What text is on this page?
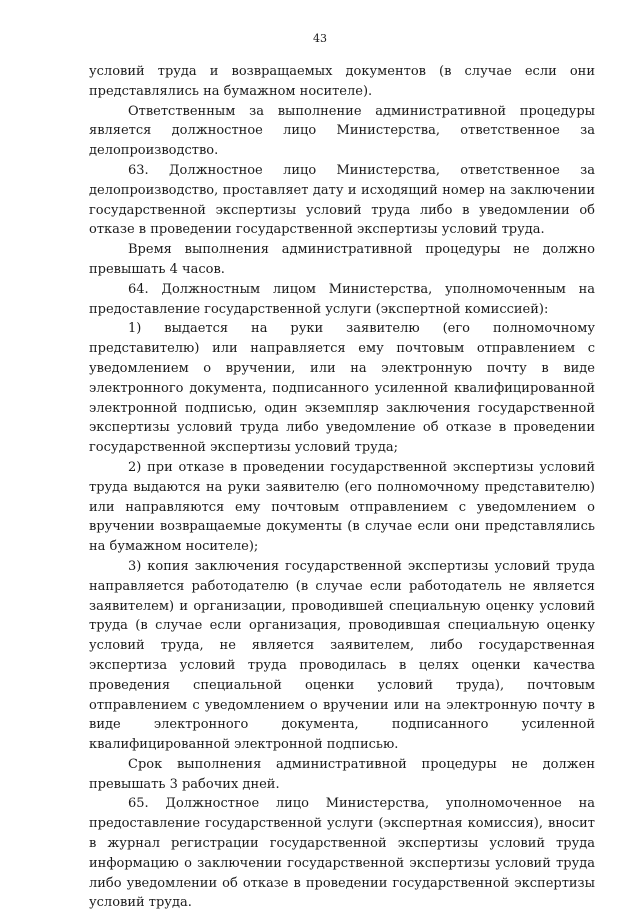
43

условий труда и возвращаемых документов (в случае если они представлялись на бумажном носителе).

Ответственным за выполнение административной процедуры является должностное лицо Министерства, ответственное за делопроизводство.

63. Должностное лицо Министерства, ответственное за делопроизводство, проставляет дату и исходящий номер на заключении государственной экспертизы условий труда либо в уведомлении об отказе в проведении государственной экспертизы условий труда.

Время выполнения административной процедуры не должно превышать 4 часов.

64. Должностным лицом Министерства, уполномоченным на предоставление государственной услуги (экспертной комиссией):

1) выдается на руки заявителю (его полномочному представителю) или направляется ему почтовым отправлением с уведомлением о вручении, или на электронную почту в виде электронного документа, подписанного усиленной квалифицированной электронной подписью, один экземпляр заключения государственной экспертизы условий труда либо уведомление об отказе в проведении государственной экспертизы условий труда;

2) при отказе в проведении государственной экспертизы условий труда выдаются на руки заявителю (его полномочному представителю) или направляются ему почтовым отправлением с уведомлением о вручении возвращаемые документы (в случае если они представлялись на бумажном носителе);

3) копия заключения государственной экспертизы условий труда направляется работодателю (в случае если работодатель не является заявителем) и организации, проводившей специальную оценку условий труда (в случае если организация, проводившая специальную оценку условий труда, не является заявителем, либо государственная экспертиза условий труда проводилась в целях оценки качества проведения специальной оценки условий труда), почтовым отправлением с уведомлением о вручении или на электронную почту в виде электронного документа, подписанного усиленной квалифицированной электронной подписью.

Срок выполнения административной процедуры не должен превышать 3 рабочих дней.

65. Должностное лицо Министерства, уполномоченное на предоставление государственной услуги (экспертная комиссия), вносит в журнал регистрации государственной экспертизы условий труда информацию о заключении государственной экспертизы условий труда либо уведомлении об отказе в проведении государственной экспертизы условий труда.
